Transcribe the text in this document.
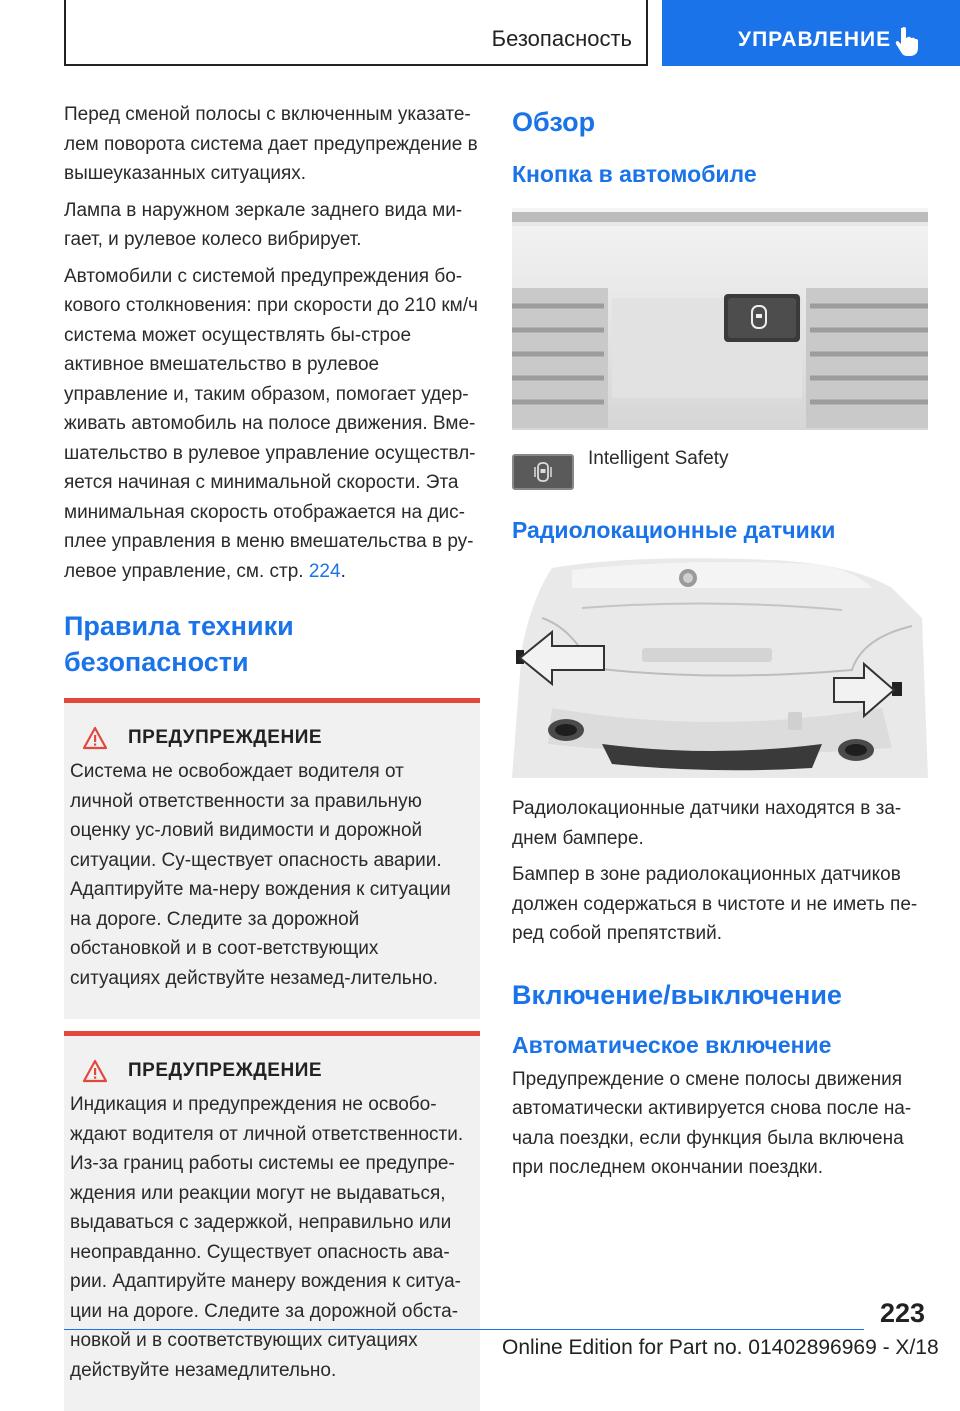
Безопасность	УПРАВЛЕНИЕ

Перед сменой полосы с включенным указате-лем поворота система дает предупреждение в вышеуказанных ситуациях.

Лампа в наружном зеркале заднего вида ми-гает, и рулевое колесо вибрирует.

Автомобили с системой предупреждения бо-кового столкновения: при скорости до 210 км/ч система может осуществлять бы-строе активное вмешательство в рулевое управление и, таким образом, помогает удер-живать автомобиль на полосе движения. Вме-шательство в рулевое управление осуществл-яется начиная с минимальной скорости. Эта минимальная скорость отображается на дис-плее управления в меню вмешательства в ру-левое управление, см. стр. 224.

Правила техники безопасности
ПРЕДУПРЕЖДЕНИЕ

Система не освобождает водителя от личной ответственности за правильную оценку ус-ловий видимости и дорожной ситуации. Су-ществует опасность аварии. Адаптируйте ма-неру вождения к ситуации на дороге. Следите за дорожной обстановкой и в соот-ветствующих ситуациях действуйте незамед-лительно.

ПРЕДУПРЕЖДЕНИЕ

Индикация и предупреждения не освобо-ждают водителя от личной ответственности. Из-за границ работы системы ее предупре-ждения или реакции могут не выдаваться, выдаваться с задержкой, неправильно или неоправданно. Существует опасность ава-рии. Адаптируйте манеру вождения к ситуа-ции на дороге. Следите за дорожной обста-новкой и в соответствующих ситуациях действуйте незамедлительно.

Обзор
Кнопка в автомобиле
Intelligent Safety
Радиолокационные датчики

Радиолокационные датчики находятся в за-днем бампере.

Бампер в зоне радиолокационных датчиков должен содержаться в чистоте и не иметь пе-ред собой препятствий.

Включение/выключение
Автоматическое включение

Предупреждение о смене полосы движения автоматически активируется снова после на-чала поездки, если функция была включена при последнем окончании поездки.

223
Online Edition for Part no. 01402896969 - X/18
